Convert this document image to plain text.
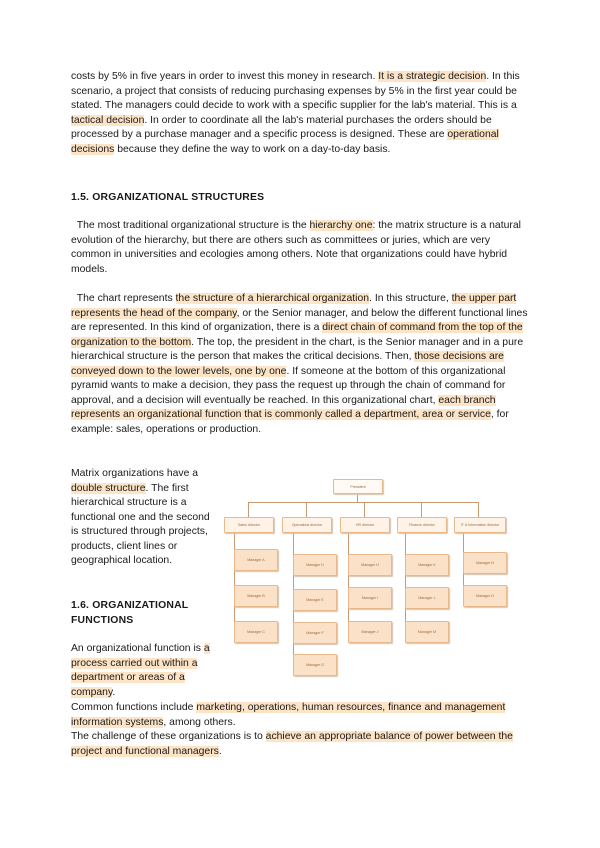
costs by 5% in five years in order to invest this money in research. It is a strategic decision. In this scenario, a project that consists of reducing purchasing expenses by 5% in the first year could be stated. The managers could decide to work with a specific supplier for the lab's material. This is a tactical decision. In order to coordinate all the lab's material purchases the orders should be processed by a purchase manager and a specific process is designed. These are operational decisions because they define the way to work on a day-to-day basis.

1.5. ORGANIZATIONAL STRUCTURES

The most traditional organizational structure is the hierarchy one: the matrix structure is a natural evolution of the hierarchy, but there are others such as committees or juries, which are very common in universities and ecologies among others. Note that organizations could have hybrid models.

The chart represents the structure of a hierarchical organization. In this structure, the upper part represents the head of the company, or the Senior manager, and below the different functional lines are represented. In this kind of organization, there is a direct chain of command from the top of the organization to the bottom. The top, the president in the chart, is the Senior manager and in a pure hierarchical structure is the person that makes the critical decisions. Then, those decisions are conveyed down to the lower levels, one by one. If someone at the bottom of this organizational pyramid wants to make a decision, they pass the request up through the chain of command for approval, and a decision will eventually be reached. In this organizational chart, each branch represents an organizational function that is commonly called a department, area or service, for example: sales, operations or production.

Matrix organizations have a double structure. The first hierarchical structure is a functional one and the second is structured through projects, products, client lines or geographical location.

1.6. ORGANIZATIONAL FUNCTIONS

An organizational function is a process carried out within a department or areas of a company.

Common functions include marketing, operations, human resources, finance and management information systems, among others.

The challenge of these organizations is to achieve an appropriate balance of power between the project and functional managers.

President
Sales director	Operations director	HR director	Finance director	IT & Information director
Manager A
Manager B
Manager C
Manager D
Manager E
Manager F
Manager G
Manager H
Manager I
Manager J
Manager K
Manager L
Manager M
Manager N
Manager O
